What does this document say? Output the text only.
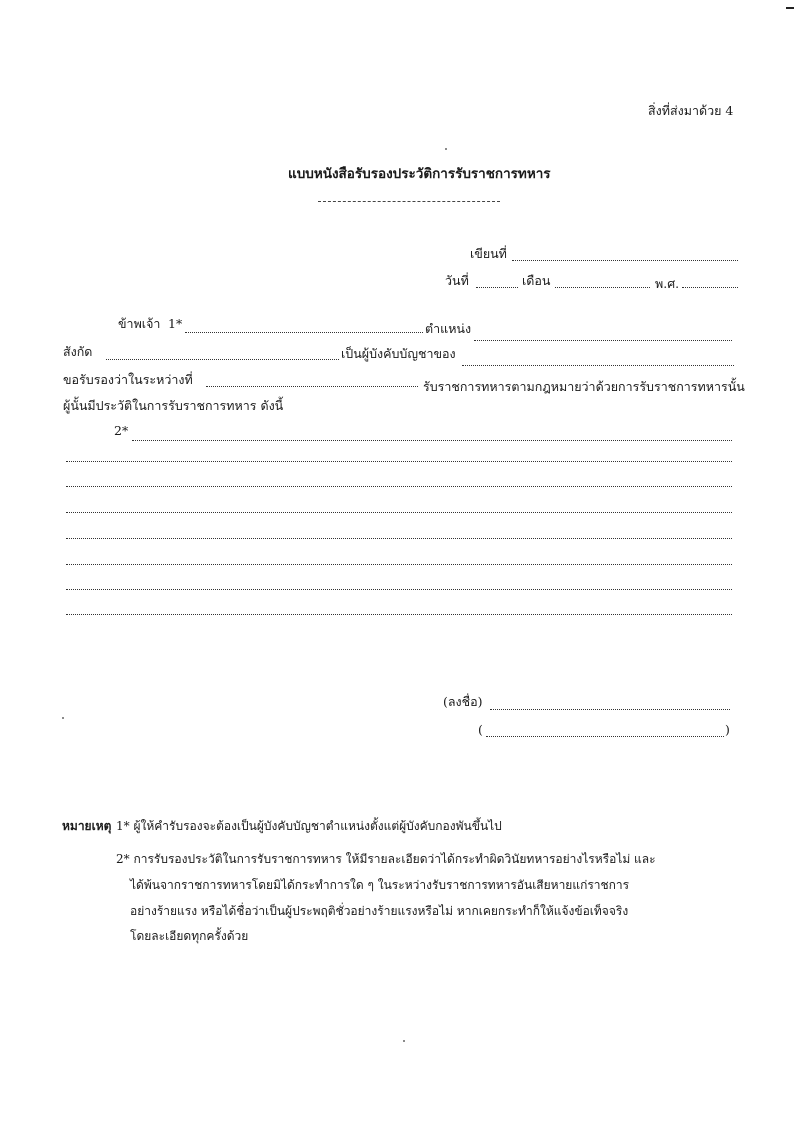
สิ่งที่ส่งมาด้วย 4
แบบหนังสือรับรองประวัติการรับราชการทหาร
เขียนที่
วันที่	เดือน	พ.ศ.
ข้าพเจ้า 1*	ตำแหน่ง
สังกัด	เป็นผู้บังคับบัญชาของ
ขอรับรองว่าในระหว่างที่	รับราชการทหารตามกฎหมายว่าด้วยการรับราชการทหารนั้น
ผู้นั้นมีประวัติในการรับราชการทหาร ดังนี้
2*
(ลงชื่อ)
(	)
หมายเหตุ 1* ผู้ให้คำรับรองจะต้องเป็นผู้บังคับบัญชาตำแหน่งตั้งแต่ผู้บังคับกองพันขึ้นไป
2* การรับรองประวัติในการรับราชการทหาร ให้มีรายละเอียดว่าได้กระทำผิดวินัยทหารอย่างไรหรือไม่ และ
ได้พ้นจากราชการทหารโดยมิได้กระทำการใด ๆ ในระหว่างรับราชการทหารอันเสียหายแก่ราชการ
อย่างร้ายแรง หรือได้ชื่อว่าเป็นผู้ประพฤติชั่วอย่างร้ายแรงหรือไม่ หากเคยกระทำก็ให้แจ้งข้อเท็จจริง
โดยละเอียดทุกครั้งด้วย
